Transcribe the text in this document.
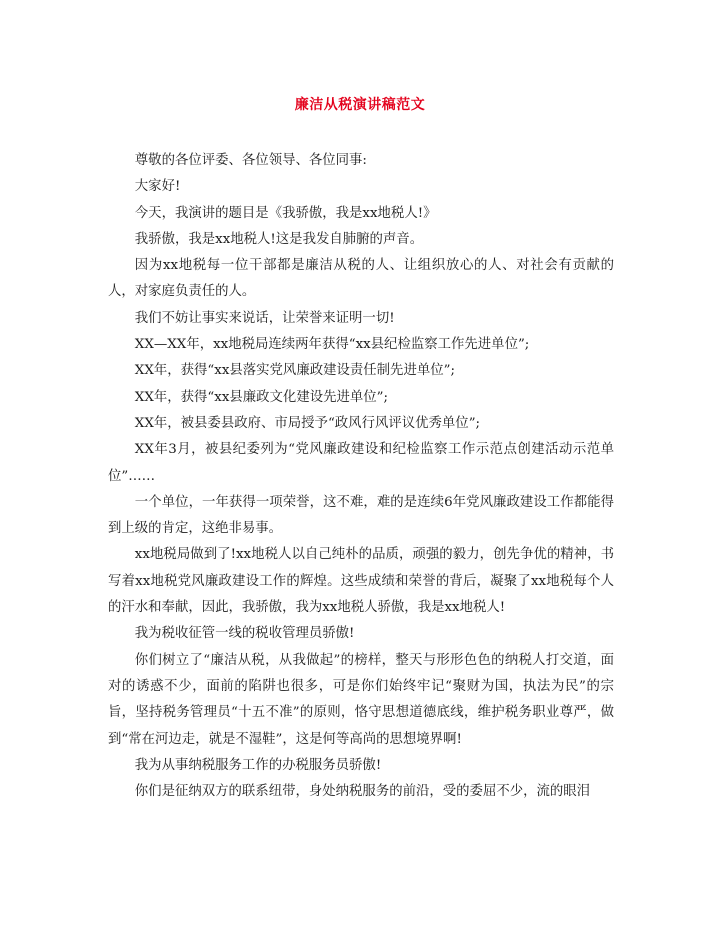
廉洁从税演讲稿范文

尊敬的各位评委、各位领导、各位同事:

大家好!

今天，我演讲的题目是《我骄傲，我是xx地税人!》

我骄傲，我是xx地税人!这是我发自肺腑的声音。

因为xx地税每一位干部都是廉洁从税的人、让组织放心的人、对社会有贡献的人，对家庭负责任的人。

我们不妨让事实来说话，让荣誉来证明一切!

XX—XX年，xx地税局连续两年获得“xx县纪检监察工作先进单位”;

XX年，获得“xx县落实党风廉政建设责任制先进单位”;

XX年，获得“xx县廉政文化建设先进单位”;

XX年，被县委县政府、市局授予“政风行风评议优秀单位”;

XX年3月，被县纪委列为“党风廉政建设和纪检监察工作示范点创建活动示范单位”……

一个单位，一年获得一项荣誉，这不难，难的是连续6年党风廉政建设工作都能得到上级的肯定，这绝非易事。

xx地税局做到了!xx地税人以自己纯朴的品质，顽强的毅力，创先争优的精神，书写着xx地税党风廉政建设工作的辉煌。这些成绩和荣誉的背后，凝聚了xx地税每个人的汗水和奉献，因此，我骄傲，我为xx地税人骄傲，我是xx地税人!

我为税收征管一线的税收管理员骄傲!

你们树立了“廉洁从税，从我做起”的榜样，整天与形形色色的纳税人打交道，面对的诱惑不少，面前的陷阱也很多，可是你们始终牢记“聚财为国，执法为民”的宗旨，坚持税务管理员“十五不准”的原则，恪守思想道德底线，维护税务职业尊严，做到“常在河边走，就是不湿鞋”，这是何等高尚的思想境界啊!

我为从事纳税服务工作的办税服务员骄傲!

你们是征纳双方的联系纽带，身处纳税服务的前沿，受的委屈不少，流的眼泪
